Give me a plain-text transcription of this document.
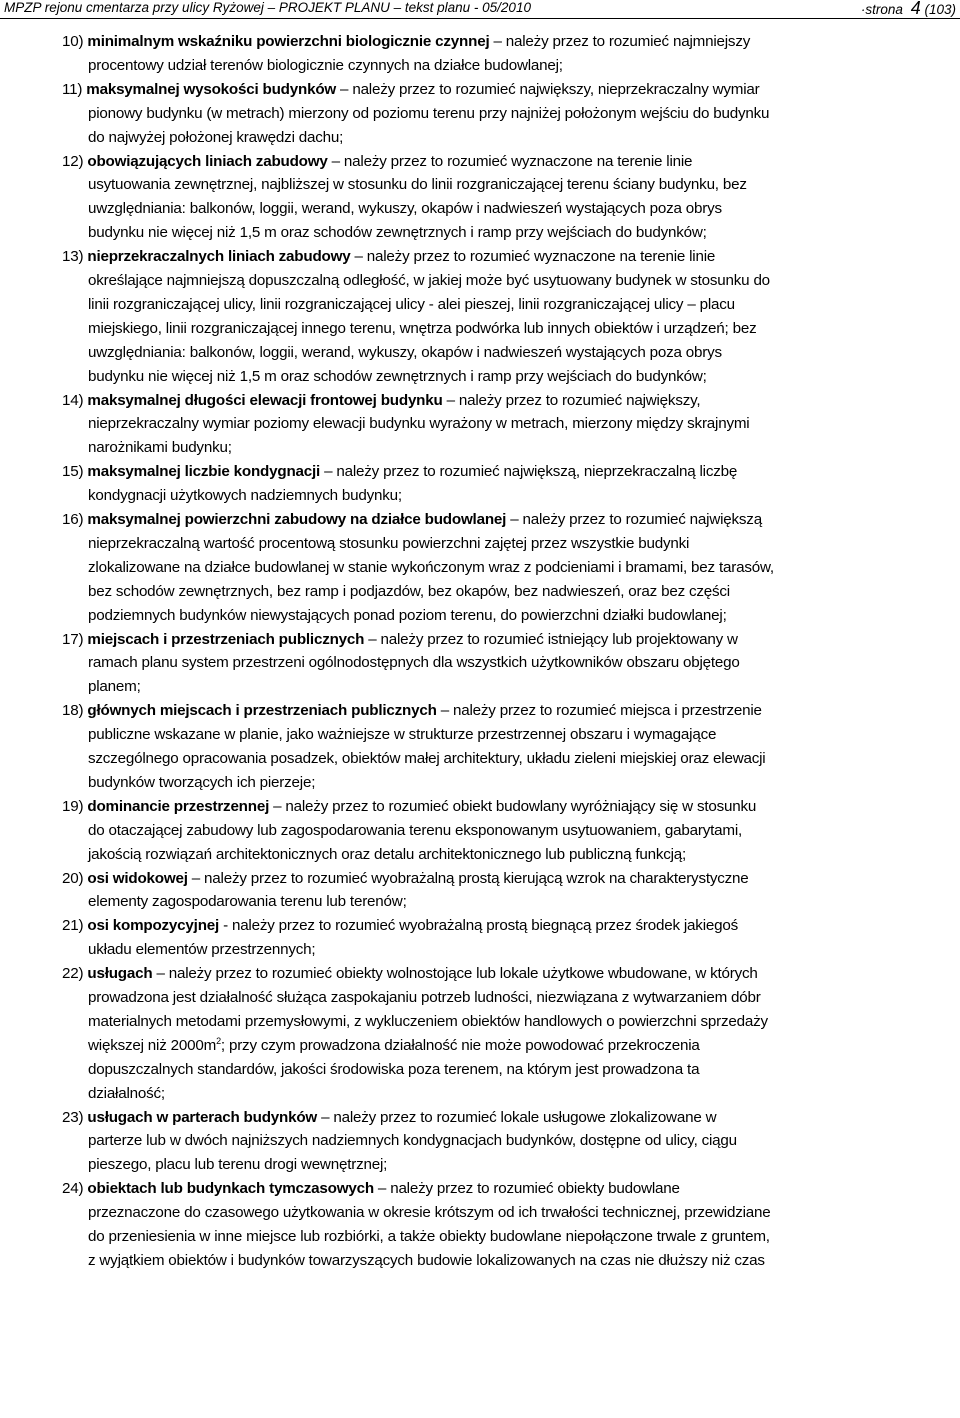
MPZP rejonu cmentarza przy ulicy Ryżowej – PROJEKT PLANU – tekst planu - 05/2010	·strona 4 (103)
10) minimalnym wskaźniku powierzchni biologicznie czynnej – należy przez to rozumieć najmniejszy
procentowy udział terenów biologicznie czynnych na działce budowlanej;
11) maksymalnej wysokości budynków – należy przez to rozumieć największy, nieprzekraczalny wymiar
pionowy budynku (w metrach) mierzony od poziomu terenu przy najniżej położonym wejściu do budynku
do najwyżej położonej krawędzi dachu;
12) obowiązujących liniach zabudowy – należy przez to rozumieć wyznaczone na terenie linie
usytuowania zewnętrznej, najbliższej w stosunku do linii rozgraniczającej terenu ściany budynku, bez
uwzględniania: balkonów, loggii, werand, wykuszy, okapów i nadwieszeń wystających poza obrys
budynku nie więcej niż 1,5 m oraz schodów zewnętrznych i ramp przy wejściach do budynków;
13) nieprzekraczalnych liniach zabudowy – należy przez to rozumieć wyznaczone na terenie linie
określające najmniejszą dopuszczalną odległość, w jakiej może być usytuowany budynek w stosunku do
linii rozgraniczającej ulicy, linii rozgraniczającej ulicy - alei pieszej, linii rozgraniczającej ulicy – placu
miejskiego, linii rozgraniczającej innego terenu, wnętrza podwórka lub innych obiektów i urządzeń; bez
uwzględniania: balkonów, loggii, werand, wykuszy, okapów i nadwieszeń wystających poza obrys
budynku nie więcej niż 1,5 m oraz schodów zewnętrznych i ramp przy wejściach do budynków;
14) maksymalnej długości elewacji frontowej budynku – należy przez to rozumieć największy,
nieprzekraczalny wymiar poziomy elewacji budynku wyrażony w metrach, mierzony między skrajnymi
narożnikami budynku;
15) maksymalnej liczbie kondygnacji – należy przez to rozumieć największą, nieprzekraczalną liczbę
kondygnacji użytkowych nadziemnych budynku;
16) maksymalnej powierzchni zabudowy na działce budowlanej – należy przez to rozumieć największą
nieprzekraczalną wartość procentową stosunku powierzchni zajętej przez wszystkie budynki
zlokalizowane na działce budowlanej w stanie wykończonym wraz z podcieniami i bramami, bez tarasów,
bez schodów zewnętrznych, bez ramp i podjazdów, bez okapów, bez nadwieszeń, oraz bez części
podziemnych budynków niewystających ponad poziom terenu, do powierzchni działki budowlanej;
17) miejscach i przestrzeniach publicznych – należy przez to rozumieć istniejący lub projektowany w
ramach planu system przestrzeni ogólnodostępnych dla wszystkich użytkowników obszaru objętego
planem;
18) głównych miejscach i przestrzeniach publicznych – należy przez to rozumieć miejsca i przestrzenie
publiczne wskazane w planie, jako ważniejsze w strukturze przestrzennej obszaru i wymagające
szczególnego opracowania posadzek, obiektów małej architektury, układu zieleni miejskiej oraz elewacji
budynków tworzących ich pierzeje;
19) dominancie przestrzennej – należy przez to rozumieć obiekt budowlany wyróżniający się w stosunku
do otaczającej zabudowy lub zagospodarowania terenu eksponowanym usytuowaniem, gabarytami,
jakością rozwiązań architektonicznych oraz detalu architektonicznego lub publiczną funkcją;
20) osi widokowej – należy przez to rozumieć wyobrażalną prostą kierującą wzrok na charakterystyczne
elementy zagospodarowania terenu lub terenów;
21) osi kompozycyjnej - należy przez to rozumieć wyobrażalną prostą biegnącą przez środek jakiegoś
układu elementów przestrzennych;
22) usługach – należy przez to rozumieć obiekty wolnostojące lub lokale użytkowe wbudowane, w których
prowadzona jest działalność służąca zaspokajaniu potrzeb ludności, niezwiązana z wytwarzaniem dóbr
materialnych metodami przemysłowymi, z wykluczeniem obiektów handlowych o powierzchni sprzedaży
większej niż $2000m^2$; przy czym prowadzona działalność nie może powodować przekroczenia
dopuszczalnych standardów, jakości środowiska poza terenem, na którym jest prowadzona ta
działalność;
23) usługach w parterach budynków – należy przez to rozumieć lokale usługowe zlokalizowane w
parterze lub w dwóch najniższych nadziemnych kondygnacjach budynków, dostępne od ulicy, ciągu
pieszego, placu lub terenu drogi wewnętrznej;
24) obiektach lub budynkach tymczasowych – należy przez to rozumieć obiekty budowlane
przeznaczone do czasowego użytkowania w okresie krótszym od ich trwałości technicznej, przewidziane
do przeniesienia w inne miejsce lub rozbiórki, a także obiekty budowlane niepołączone trwale z gruntem,
z wyjątkiem obiektów i budynków towarzyszących budowie lokalizowanych na czas nie dłuższy niż czas
